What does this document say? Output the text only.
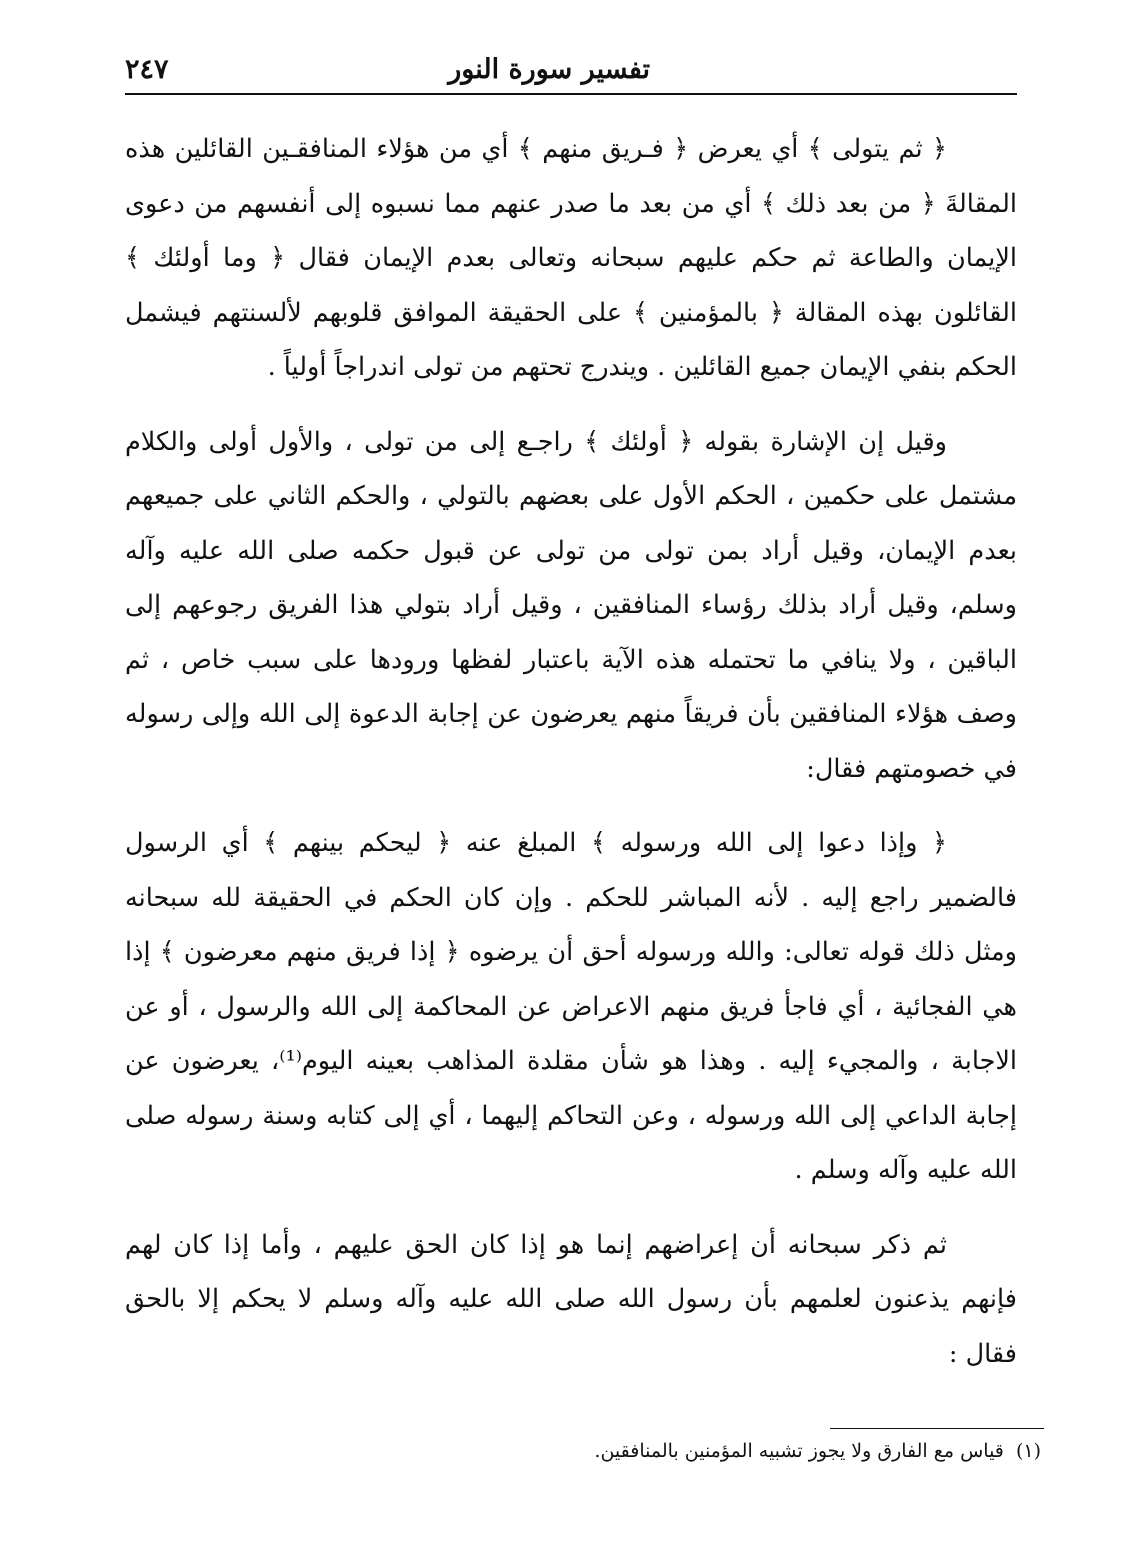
تفسير سورة النور
٢٤٧

﴿ ثم يتولى ﴾ أي يعرض ﴿ فـريق منهم ﴾ أي من هؤلاء المنافقـين القائلين هذه المقالةَ ﴿ من بعد ذلك ﴾ أي من بعد ما صدر عنهم مما نسبوه إلى أنفسهم من دعوى الإيمان والطاعة ثم حكم عليهم سبحانه وتعالى بعدم الإيمان فقال ﴿ وما أولئك ﴾ القائلون بهذه المقالة ﴿ بالمؤمنين ﴾ على الحقيقة الموافق قلوبهم لألسنتهم فيشمل الحكم بنفي الإيمان جميع القائلين . ويندرج تحتهم من تولى اندراجاً أولياً .

وقيل إن الإشارة بقوله ﴿ أولئك ﴾ راجـع إلى من تولى ، والأول أولى والكلام مشتمل على حكمين ، الحكم الأول على بعضهم بالتولي ، والحكم الثاني على جميعهم بعدم الإيمان، وقيل أراد بمن تولى من تولى عن قبول حكمه صلى الله عليه وآله وسلم، وقيل أراد بذلك رؤساء المنافقين ، وقيل أراد بتولي هذا الفريق رجوعهم إلى الباقين ، ولا ينافي ما تحتمله هذه الآية باعتبار لفظها ورودها على سبب خاص ، ثم وصف هؤلاء المنافقين بأن فريقاً منهم يعرضون عن إجابة الدعوة إلى الله وإلى رسوله في خصومتهم فقال:

﴿ وإذا دعوا إلى الله ورسوله ﴾ المبلغ عنه ﴿ ليحكم بينهم ﴾ أي الرسول فالضمير راجع إليه . لأنه المباشر للحكم . وإن كان الحكم في الحقيقة لله سبحانه ومثل ذلك قوله تعالى: والله ورسوله أحق أن يرضوه ﴿ إذا فريق منهم معرضون ﴾ إذا هي الفجائية ، أي فاجأ فريق منهم الاعراض عن المحاكمة إلى الله والرسول ، أو عن الاجابة ، والمجيء إليه . وهذا هو شأن مقلدة المذاهب بعينه اليوم⁽¹⁾، يعرضون عن إجابة الداعي إلى الله ورسوله ، وعن التحاكم إليهما ، أي إلى كتابه وسنة رسوله صلى الله عليه وآله وسلم .

ثم ذكر سبحانه أن إعراضهم إنما هو إذا كان الحق عليهم ، وأما إذا كان لهم فإنهم يذعنون لعلمهم بأن رسول الله صلى الله عليه وآله وسلم لا يحكم إلا بالحق فقال :

(١) قياس مع الفارق ولا يجوز تشبيه المؤمنين بالمنافقين.
